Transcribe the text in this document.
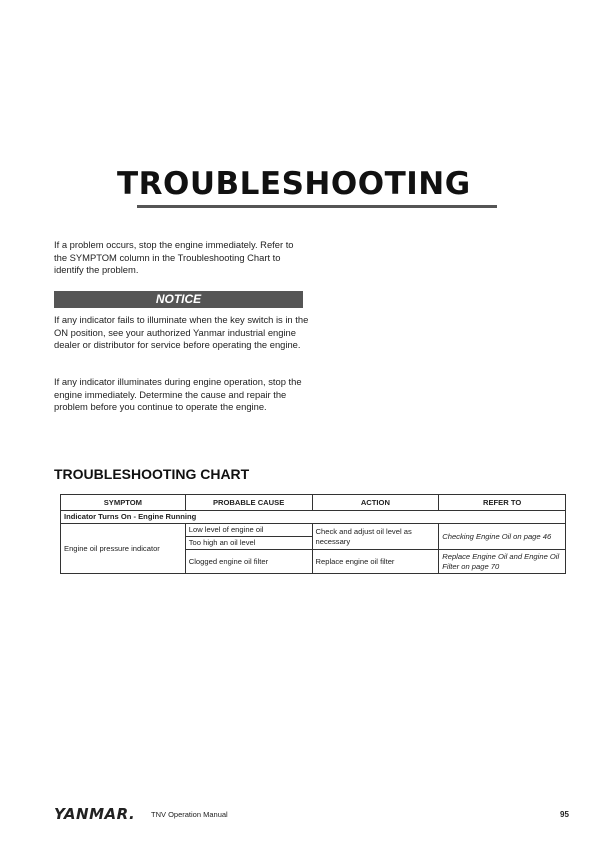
TROUBLESHOOTING

If a problem occurs, stop the engine immediately. Refer to the SYMPTOM column in the Troubleshooting Chart to identify the problem.

NOTICE

If any indicator fails to illuminate when the key switch is in the ON position, see your authorized Yanmar industrial engine dealer or distributor for service before operating the engine.

If any indicator illuminates during engine operation, stop the engine immediately. Determine the cause and repair the problem before you continue to operate the engine.

TROUBLESHOOTING CHART
SYMPTOM	PROBABLE CAUSE	ACTION	REFER TO
Indicator Turns On - Engine Running			
Engine oil pressure indicator	Low level of engine oil	Check and adjust oil level as necessary	Checking Engine Oil on page 46
	Too high an oil level		
	Clogged engine oil filter	Replace engine oil filter	Replace Engine Oil and Engine Oil Filter on page 70
YANMAR. TNV Operation Manual	95
